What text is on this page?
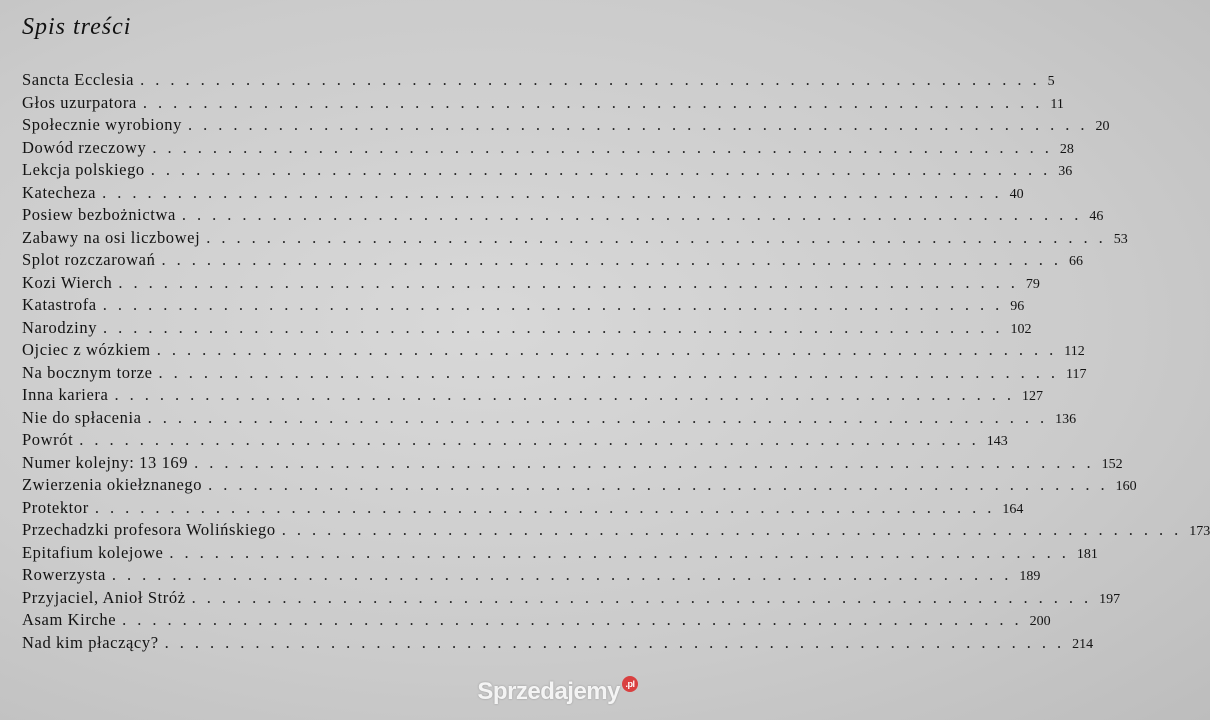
Spis treści
Sancta Ecclesia ............................................................ 5
Głos uzurpatora ............................................................ 11
Społecznie wyrobiony ............................................................ 20
Dowód rzeczowy ............................................................ 28
Lekcja polskiego ............................................................ 36
Katecheza ............................................................ 40
Posiew bezbożnictwa ............................................................ 46
Zabawy na osi liczbowej ............................................................ 53
Splot rozczarowań ............................................................ 66
Kozi Wierch ............................................................ 79
Katastrofa ............................................................ 96
Narodziny ............................................................ 102
Ojciec z wózkiem ............................................................ 112
Na bocznym torze ............................................................ 117
Inna kariera ............................................................ 127
Nie do spłacenia ............................................................ 136
Powrót ............................................................ 143
Numer kolejny: 13 169 ............................................................ 152
Zwierzenia okiełznanego ............................................................ 160
Protektor ............................................................ 164
Przechadzki profesora Wolińskiego ............................................................ 173
Epitafium kolejowe ............................................................ 181
Rowerzysta ............................................................ 189
Przyjaciel, Anioł Stróż ............................................................ 197
Asam Kirche ............................................................ 200
Nad kim płaczący? ............................................................ 214
Sprzedajemy .pl
